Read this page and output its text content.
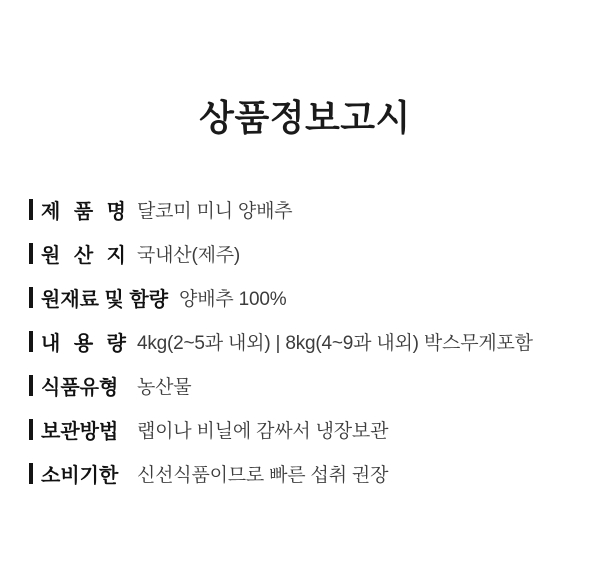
상품정보고시
제 품 명 달코미 미니 양배추
원 산 지 국내산(제주)
원재료 및 함량 양배추 100%
내 용 량 4kg(2~5과 내외) | 8kg(4~9과 내외) 박스무게포함
식품유형 농산물
보관방법 랩이나 비닐에 감싸서 냉장보관
소비기한 신선식품이므로 빠른 섭취 권장
